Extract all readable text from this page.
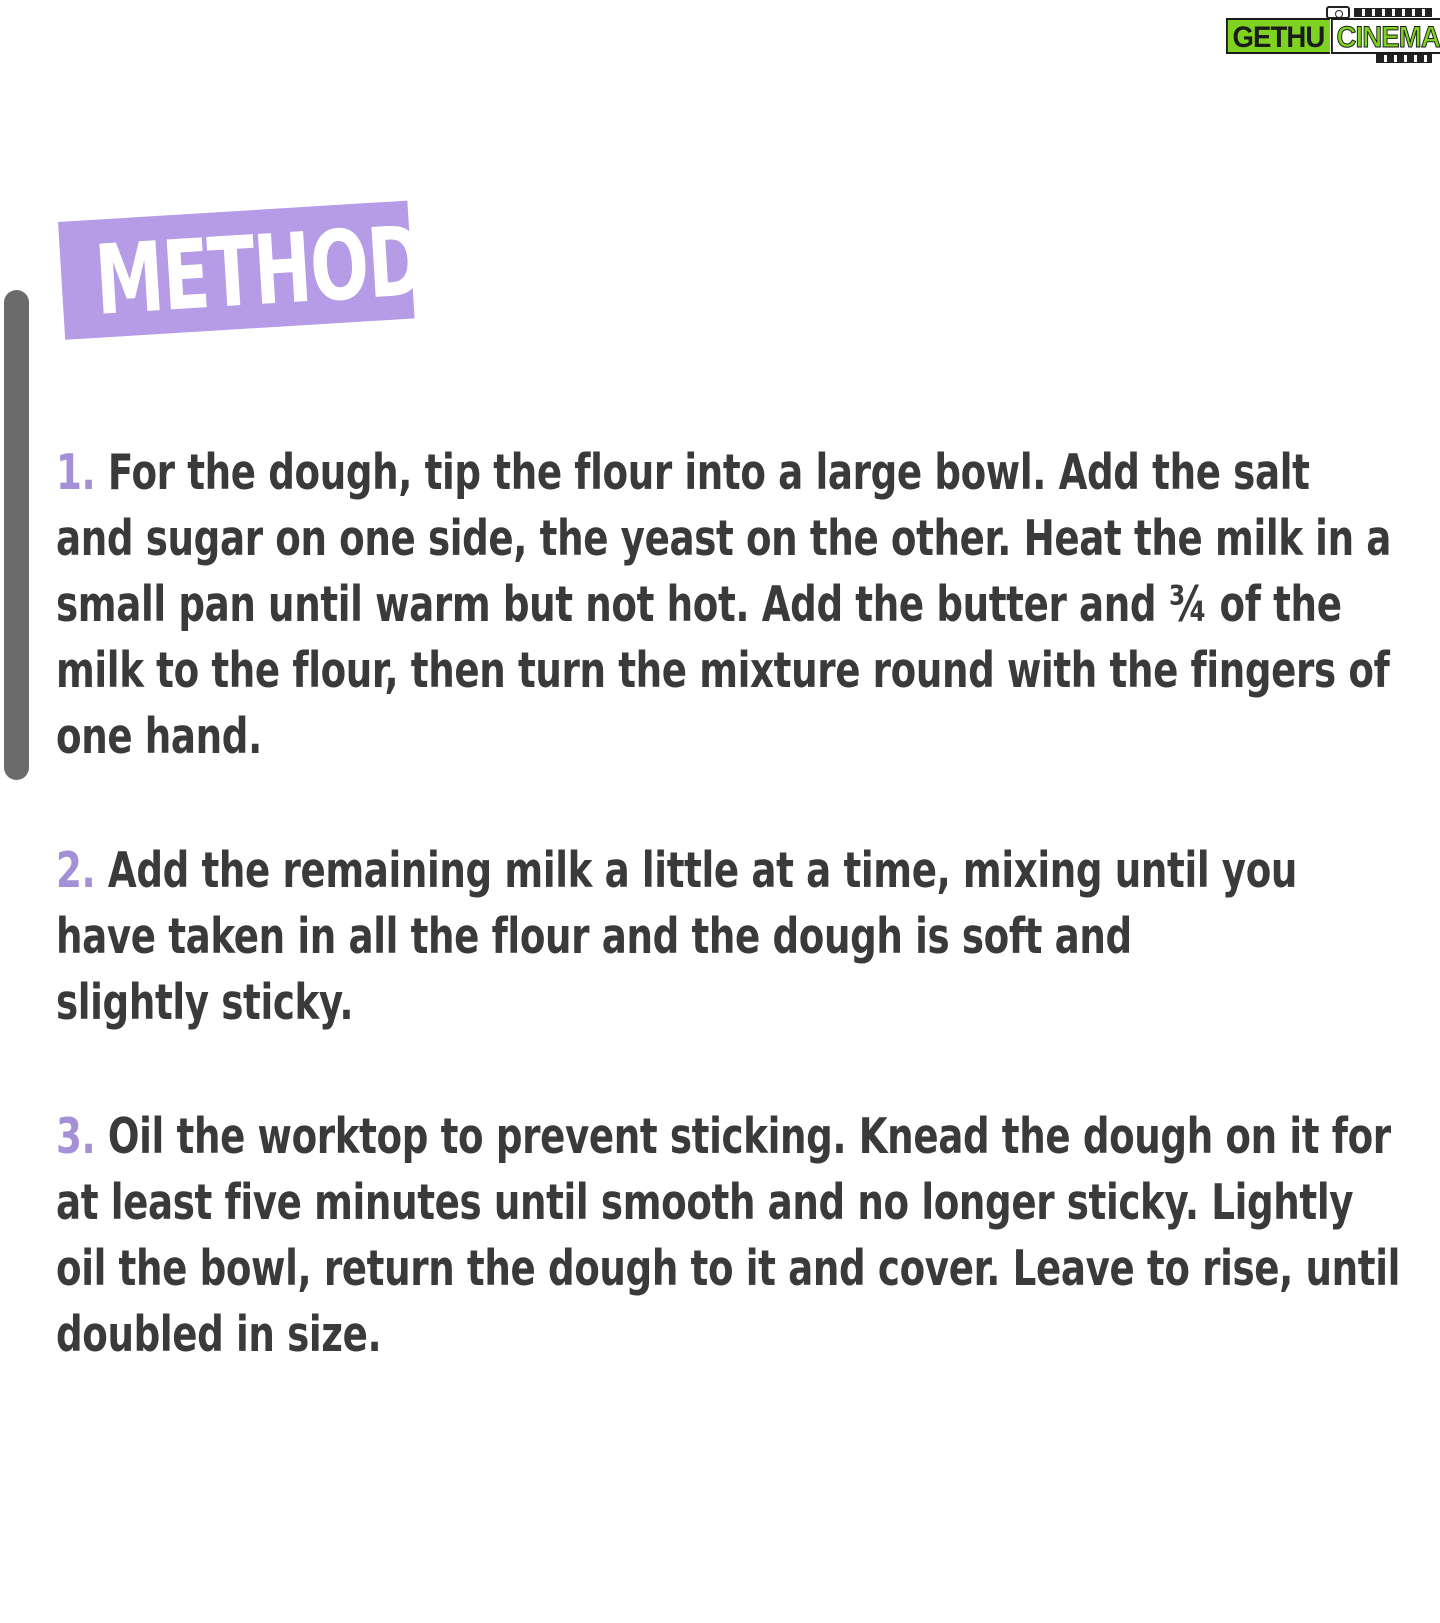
GETHU CINEMA
METHOD
1. For the dough, tip the flour into a large bowl. Add the salt
and sugar on one side, the yeast on the other. Heat the milk in a
small pan until warm but not hot. Add the butter and ¾ of the
milk to the flour, then turn the mixture round with the fingers of
one hand.
2. Add the remaining milk a little at a time, mixing until you
have taken in all the flour and the dough is soft and
slightly sticky.
3. Oil the worktop to prevent sticking. Knead the dough on it for
at least five minutes until smooth and no longer sticky. Lightly
oil the bowl, return the dough to it and cover. Leave to rise, until
doubled in size.
